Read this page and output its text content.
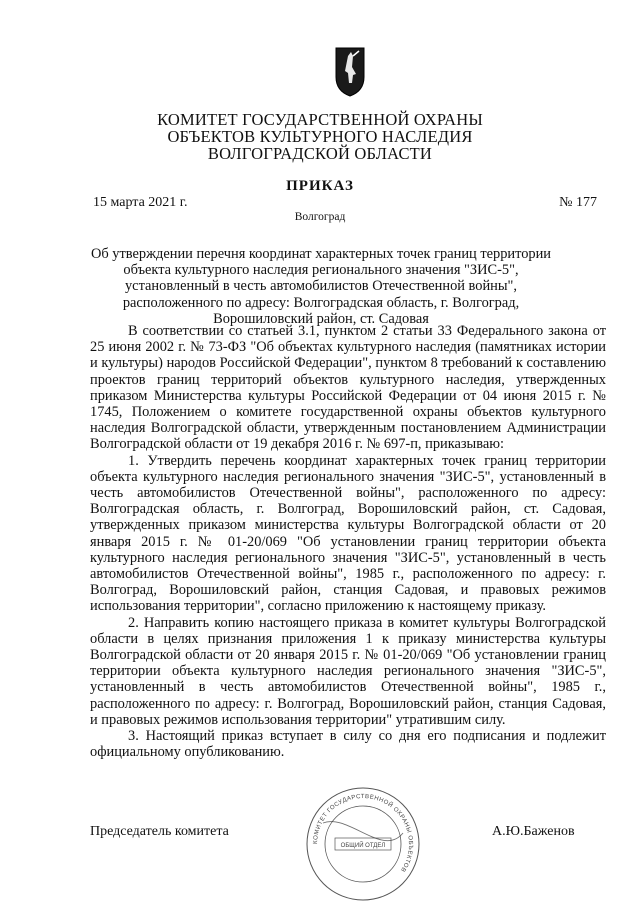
КОМИТЕТ ГОСУДАРСТВЕННОЙ ОХРАНЫ
ОБЪЕКТОВ КУЛЬТУРНОГО НАСЛЕДИЯ
ВОЛГОГРАДСКОЙ ОБЛАСТИ
ПРИКАЗ
15 марта 2021 г.	№ 177
Волгоград
Об утверждении перечня координат характерных точек границ территории объекта культурного наследия регионального значения "ЗИС-5", установленный в честь автомобилистов Отечественной войны", расположенного по адресу: Волгоградская область, г. Волгоград, Ворошиловский район, ст. Садовая

В соответствии со статьей 3.1, пунктом 2 статьи 33 Федерального закона от 25 июня 2002 г. № 73-ФЗ "Об объектах культурного наследия (памятниках истории и культуры) народов Российской Федерации", пунктом 8 требований к составлению проектов границ территорий объектов культурного наследия, утвержденных приказом Министерства культуры Российской Федерации от 04 июня 2015 г. № 1745, Положением о комитете государственной охраны объектов культурного наследия Волгоградской области, утвержденным постановлением Администрации Волгоградской области от 19 декабря 2016 г. № 697-п, приказываю:

1. Утвердить перечень координат характерных точек границ территории объекта культурного наследия регионального значения "ЗИС-5", установленный в честь автомобилистов Отечественной войны", расположенного по адресу: Волгоградская область, г. Волгоград, Ворошиловский район, ст. Садовая, утвержденных приказом министерства культуры Волгоградской области от 20 января 2015 г. № 01-20/069 "Об установлении границ территории объекта культурного наследия регионального значения "ЗИС-5", установленный в честь автомобилистов Отечественной войны", 1985 г., расположенного по адресу: г. Волгоград, Ворошиловский район, станция Садовая, и правовых режимов использования территории", согласно приложению к настоящему приказу.

2. Направить копию настоящего приказа в комитет культуры Волгоградской области в целях признания приложения 1 к приказу министерства культуры Волгоградской области от 20 января 2015 г. № 01-20/069 "Об установлении границ территории объекта культурного наследия регионального значения "ЗИС-5", установленный в честь автомобилистов Отечественной войны", 1985 г., расположенного по адресу: г. Волгоград, Ворошиловский район, станция Садовая, и правовых режимов использования территории" утратившим силу.

3. Настоящий приказ вступает в силу со дня его подписания и подлежит официальному опубликованию.

КОМИТЕТ ГОСУДАРСТВЕННОЙ ОХРАНЫ ОБЪЕКТОВ
ОБЩИЙ ОТДЕЛ
Председатель комитета	А.Ю.Баженов
